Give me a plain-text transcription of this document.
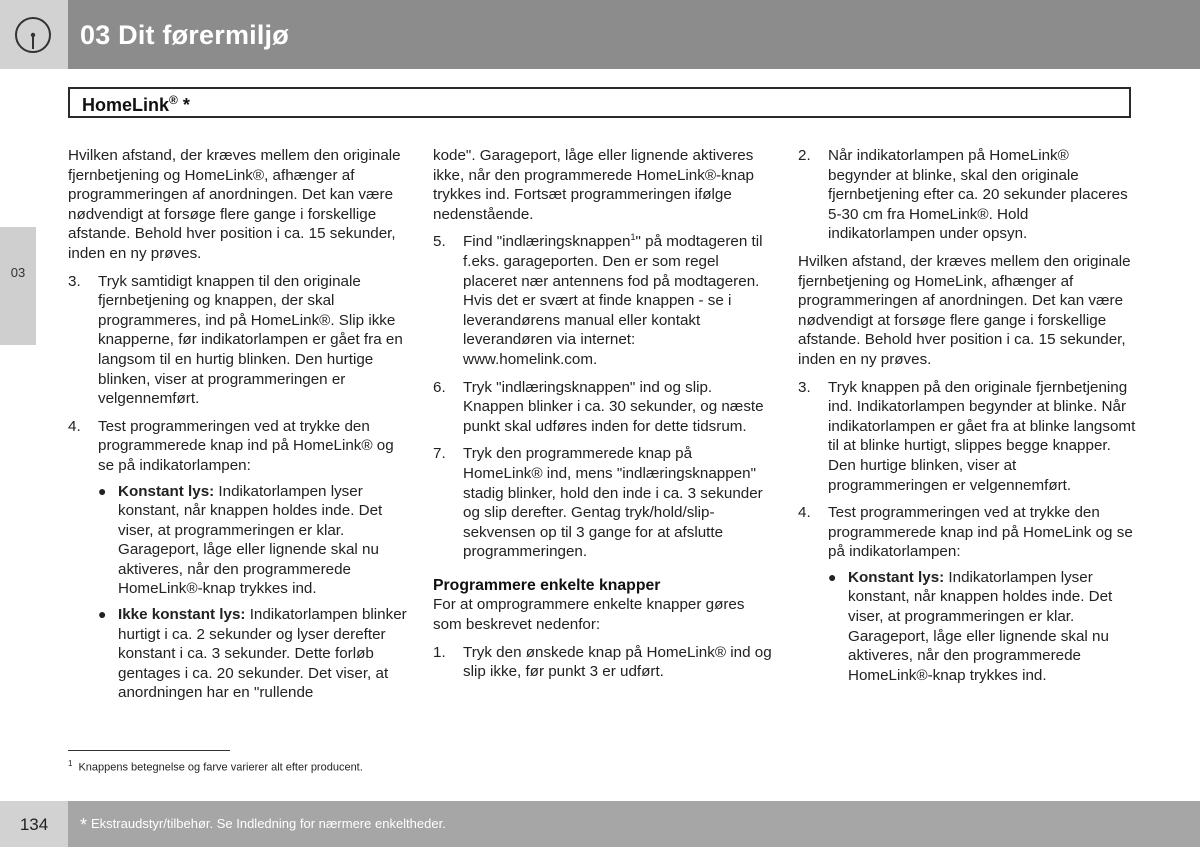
03 Dit førermiljø
HomeLink® *
03

Hvilken afstand, der kræves mellem den originale fjernbetjening og HomeLink®, afhænger af programmeringen af anordningen. Det kan være nødvendigt at forsøge flere gange i forskellige afstande. Behold hver position i ca. 15 sekunder, inden en ny prøves.

3. Tryk samtidigt knappen til den originale fjernbetjening og knappen, der skal programmeres, ind på HomeLink®. Slip ikke knapperne, før indikatorlampen er gået fra en langsom til en hurtig blinken. Den hurtige blinken, viser at programmeringen er velgennemført.
4. Test programmeringen ved at trykke den programmerede knap ind på HomeLink® og se på indikatorlampen:
● Konstant lys: Indikatorlampen lyser konstant, når knappen holdes inde. Det viser, at programmeringen er klar. Garageport, låge eller lignende skal nu aktiveres, når den programmerede HomeLink®-knap trykkes ind.
● Ikke konstant lys: Indikatorlampen blinker hurtigt i ca. 2 sekunder og lyser derefter konstant i ca. 3 sekunder. Dette forløb gentages i ca. 20 sekunder. Det viser, at anordningen har en "rullende

kode". Garageport, låge eller lignende aktiveres ikke, når den programmerede HomeLink®-knap trykkes ind. Fortsæt programmeringen ifølge nedenstående.

5. Find "indlæringsknappen$^1$" på modtageren til f.eks. garageporten. Den er som regel placeret nær antennens fod på modtageren. Hvis det er svært at finde knappen - se i leverandørens manual eller kontakt leverandøren via internet: www.homelink.com.
6. Tryk "indlæringsknappen" ind og slip. Knappen blinker i ca. 30 sekunder, og næste punkt skal udføres inden for dette tidsrum.
7. Tryk den programmerede knap på HomeLink® ind, mens "indlæringsknappen" stadig blinker, hold den inde i ca. 3 sekunder og slip derefter. Gentag tryk/hold/slip-sekvensen op til 3 gange for at afslutte programmeringen.

Programmere enkelte knapper

For at omprogrammere enkelte knapper gøres som beskrevet nedenfor:

1. Tryk den ønskede knap på HomeLink® ind og slip ikke, før punkt 3 er udført.
2. Når indikatorlampen på HomeLink® begynder at blinke, skal den originale fjernbetjening efter ca. 20 sekunder placeres 5-30 cm fra HomeLink®. Hold indikatorlampen under opsyn.

Hvilken afstand, der kræves mellem den originale fjernbetjening og HomeLink, afhænger af programmeringen af anordningen. Det kan være nødvendigt at forsøge flere gange i forskellige afstande. Behold hver position i ca. 15 sekunder, inden en ny prøves.

3. Tryk knappen på den originale fjernbetjening ind. Indikatorlampen begynder at blinke. Når indikatorlampen er gået fra at blinke langsomt til at blinke hurtigt, slippes begge knapper. Den hurtige blinken, viser at programmeringen er velgennemført.
4. Test programmeringen ved at trykke den programmerede knap ind på HomeLink og se på indikatorlampen:
● Konstant lys: Indikatorlampen lyser konstant, når knappen holdes inde. Det viser, at programmeringen er klar. Garageport, låge eller lignende skal nu aktiveres, når den programmerede HomeLink®-knap trykkes ind.
$^1$ Knappens betegnelse og farve varierer alt efter producent.
134	* Ekstraudstyr/tilbehør. Se Indledning for nærmere enkeltheder.
